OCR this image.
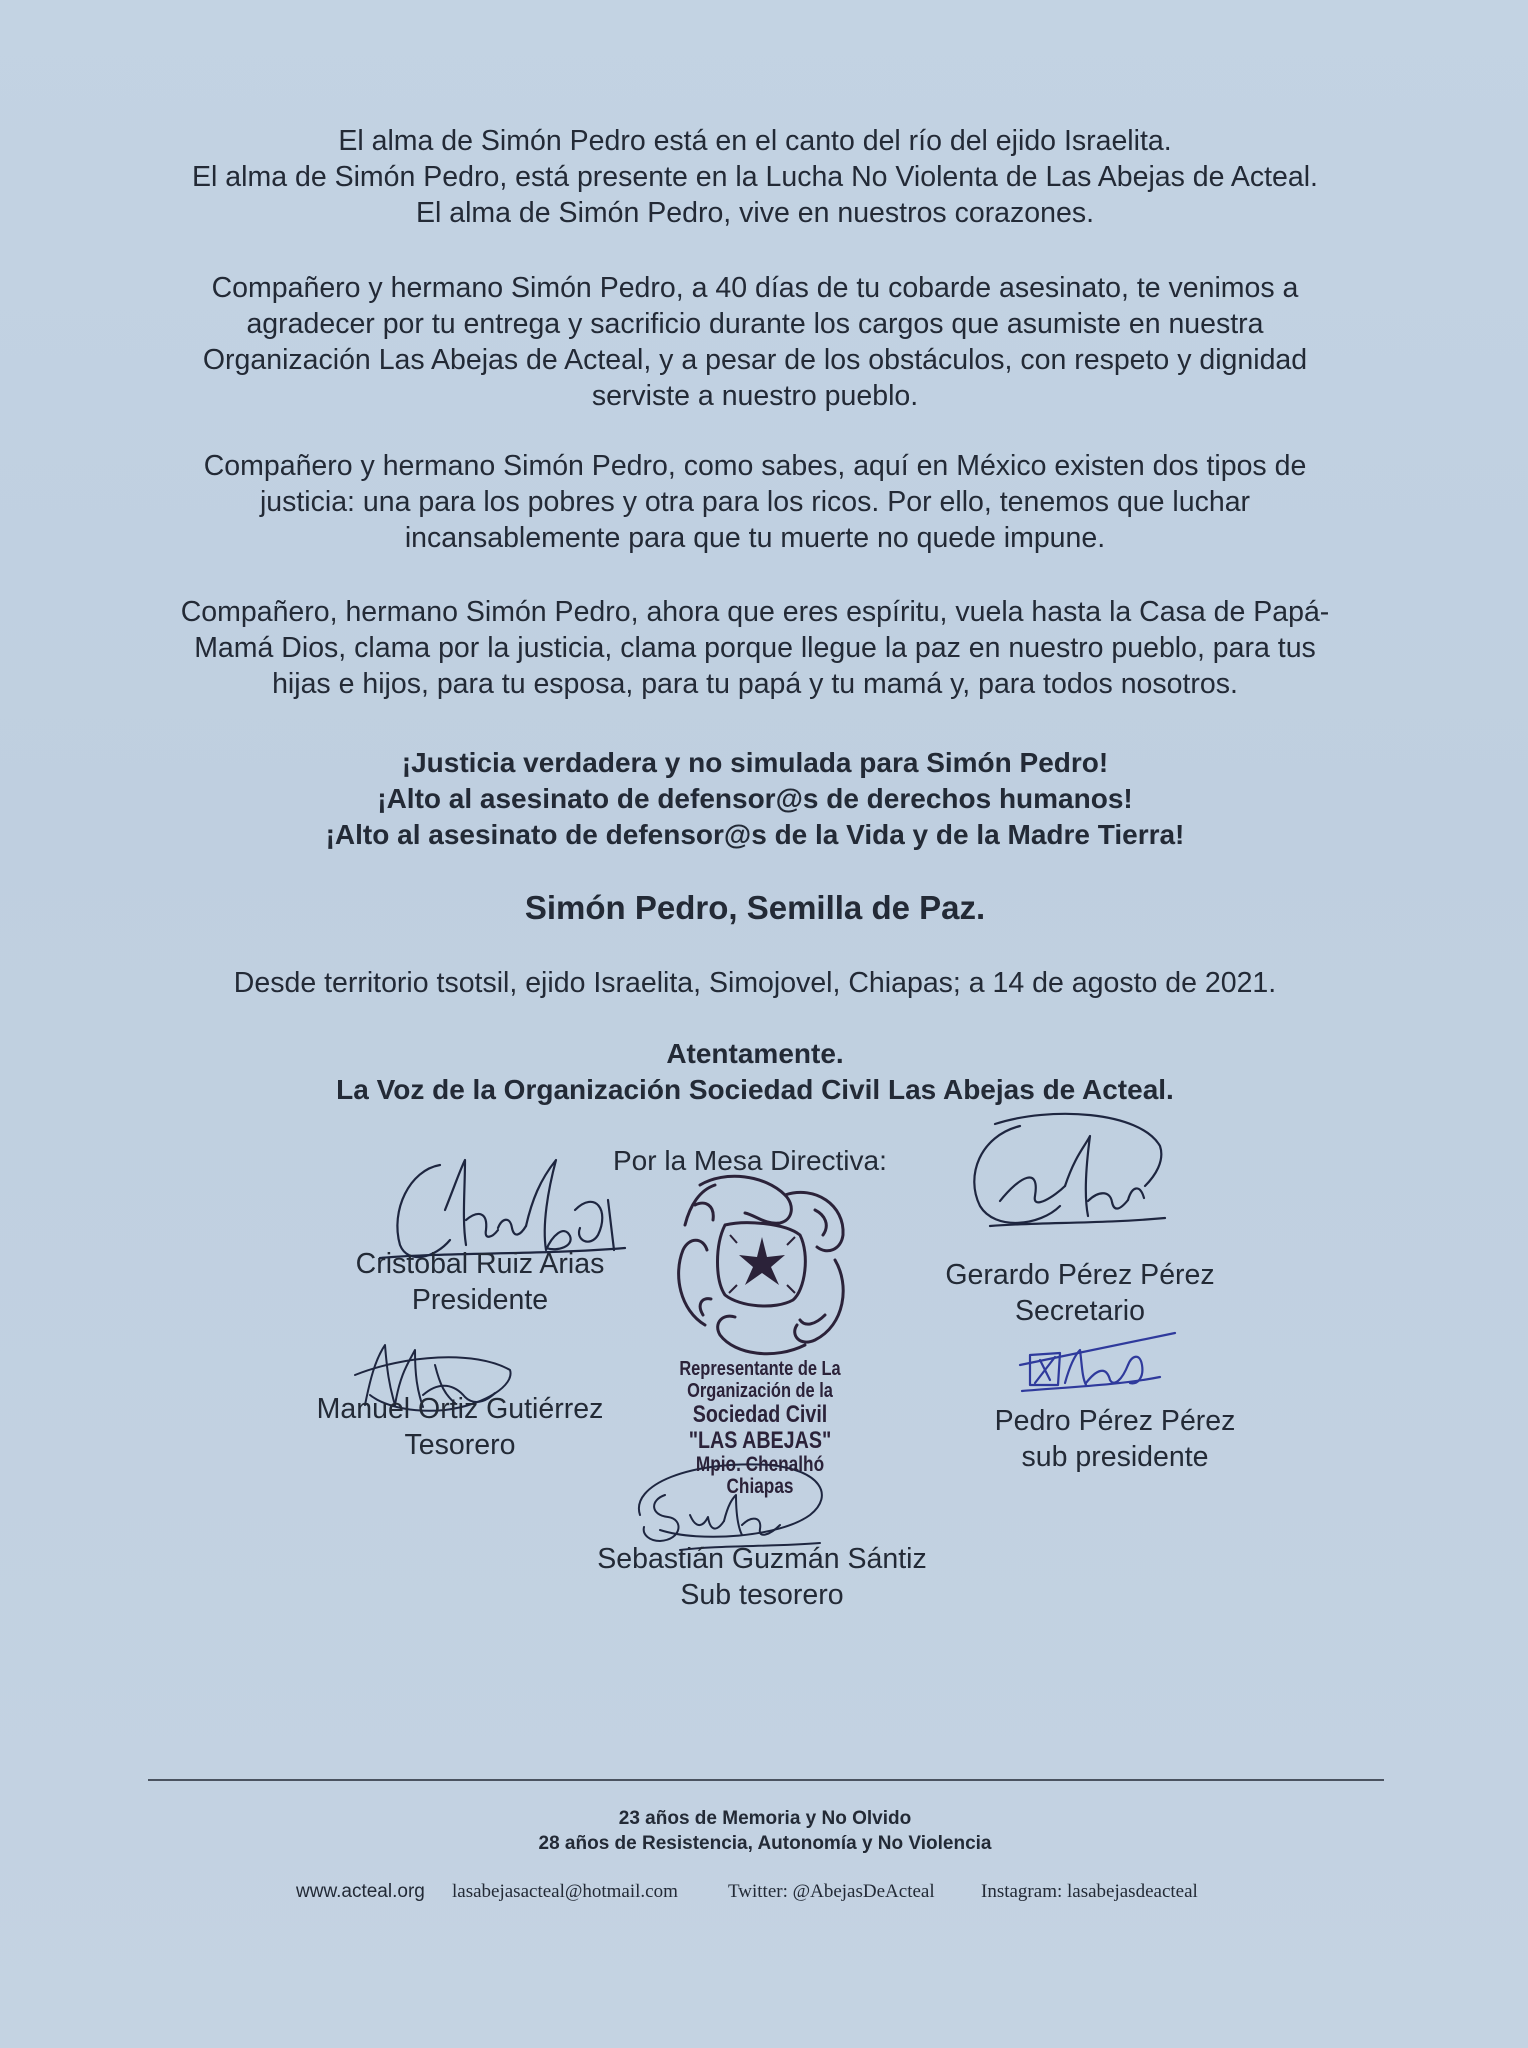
El alma de Simón Pedro está en el canto del río del ejido Israelita.
El alma de Simón Pedro, está presente en la Lucha No Violenta de Las Abejas de Acteal.
El alma de Simón Pedro, vive en nuestros corazones.

Compañero y hermano Simón Pedro, a 40 días de tu cobarde asesinato, te venimos a
agradecer por tu entrega y sacrificio durante los cargos que asumiste en nuestra
Organización Las Abejas de Acteal, y a pesar de los obstáculos, con respeto y dignidad
serviste a nuestro pueblo.

Compañero y hermano Simón Pedro, como sabes, aquí en México existen dos tipos de
justicia: una para los pobres y otra para los ricos. Por ello, tenemos que luchar
incansablemente para que tu muerte no quede impune.

Compañero, hermano Simón Pedro, ahora que eres espíritu, vuela hasta la Casa de Papá-
Mamá Dios, clama por la justicia, clama porque llegue la paz en nuestro pueblo, para tus
hijas e hijos, para tu esposa, para tu papá y tu mamá y, para todos nosotros.

¡Justicia verdadera y no simulada para Simón Pedro!
¡Alto al asesinato de defensor@s de derechos humanos!
¡Alto al asesinato de defensor@s de la Vida y de la Madre Tierra!
Simón Pedro, Semilla de Paz.
Desde territorio tsotsil, ejido Israelita, Simojovel, Chiapas; a 14 de agosto de 2021.
Atentamente.
La Voz de la Organización Sociedad Civil Las Abejas de Acteal.
Por la Mesa Directiva:
Representante de La
Organización de la
Sociedad Civil
"LAS ABEJAS"
Mpio. Chenalhó
Chiapas
Cristobal Ruiz Arias
Presidente
Gerardo Pérez Pérez
Secretario
Manuel Ortiz Gutiérrez
Tesorero
Pedro Pérez Pérez
sub presidente
Sebastián Guzmán Sántiz
Sub tesorero
23 años de Memoria y No Olvido
28 años de Resistencia, Autonomía y No Violencia
www.acteal.org lasabejasacteal@hotmail.com	Twitter: @AbejasDeActeal Instagram: lasabejasdeacteal
